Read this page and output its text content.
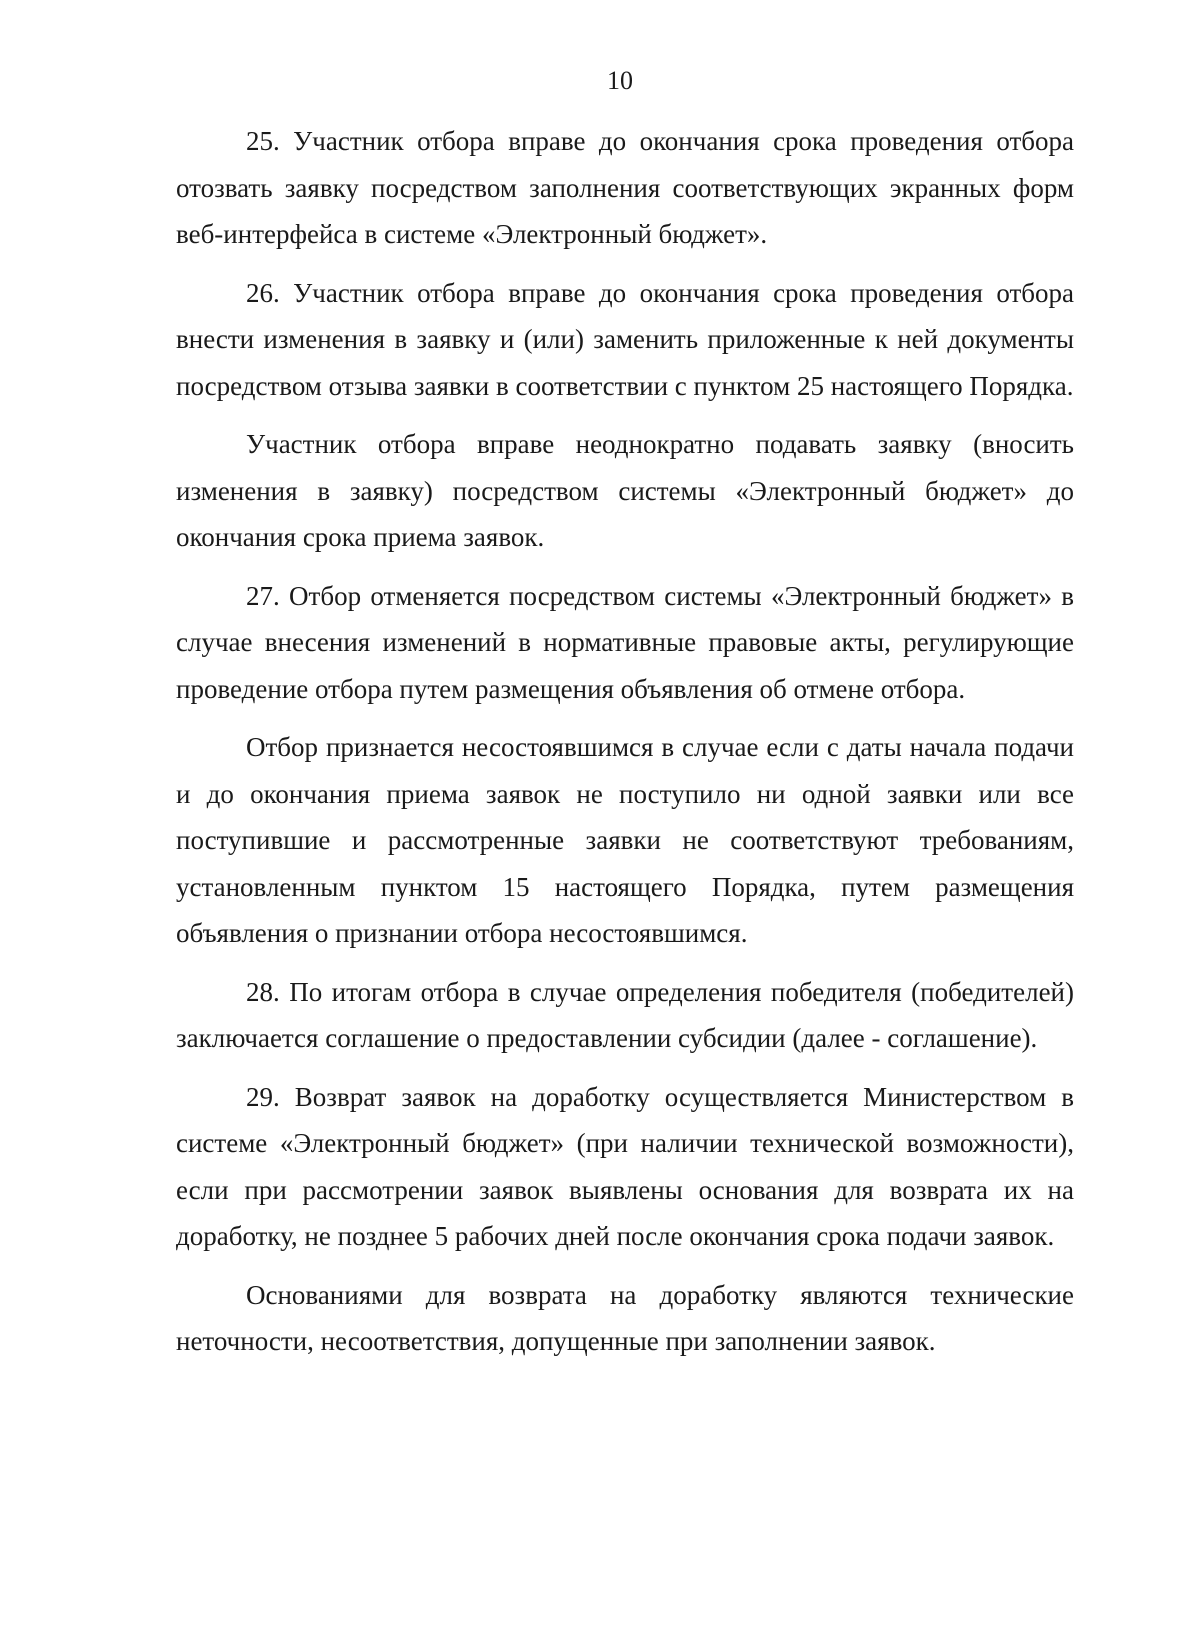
10

25. Участник отбора вправе до окончания срока проведения отбора отозвать заявку посредством заполнения соответствующих экранных форм веб-интерфейса в системе «Электронный бюджет».

26. Участник отбора вправе до окончания срока проведения отбора внести изменения в заявку и (или) заменить приложенные к ней документы посредством отзыва заявки в соответствии с пунктом 25 настоящего Порядка.

Участник отбора вправе неоднократно подавать заявку (вносить изменения в заявку) посредством системы «Электронный бюджет» до окончания срока приема заявок.

27. Отбор отменяется посредством системы «Электронный бюджет» в случае внесения изменений в нормативные правовые акты, регулирующие проведение отбора путем размещения объявления об отмене отбора.

Отбор признается несостоявшимся в случае если с даты начала подачи и до окончания приема заявок не поступило ни одной заявки или все поступившие и рассмотренные заявки не соответствуют требованиям, установленным пунктом 15 настоящего Порядка, путем размещения объявления о признании отбора несостоявшимся.

28. По итогам отбора в случае определения победителя (победителей) заключается соглашение о предоставлении субсидии (далее - соглашение).

29. Возврат заявок на доработку осуществляется Министерством в системе «Электронный бюджет» (при наличии технической возможности), если при рассмотрении заявок выявлены основания для возврата их на доработку, не позднее 5 рабочих дней после окончания срока подачи заявок.

Основаниями для возврата на доработку являются технические неточности, несоответствия, допущенные при заполнении заявок.
